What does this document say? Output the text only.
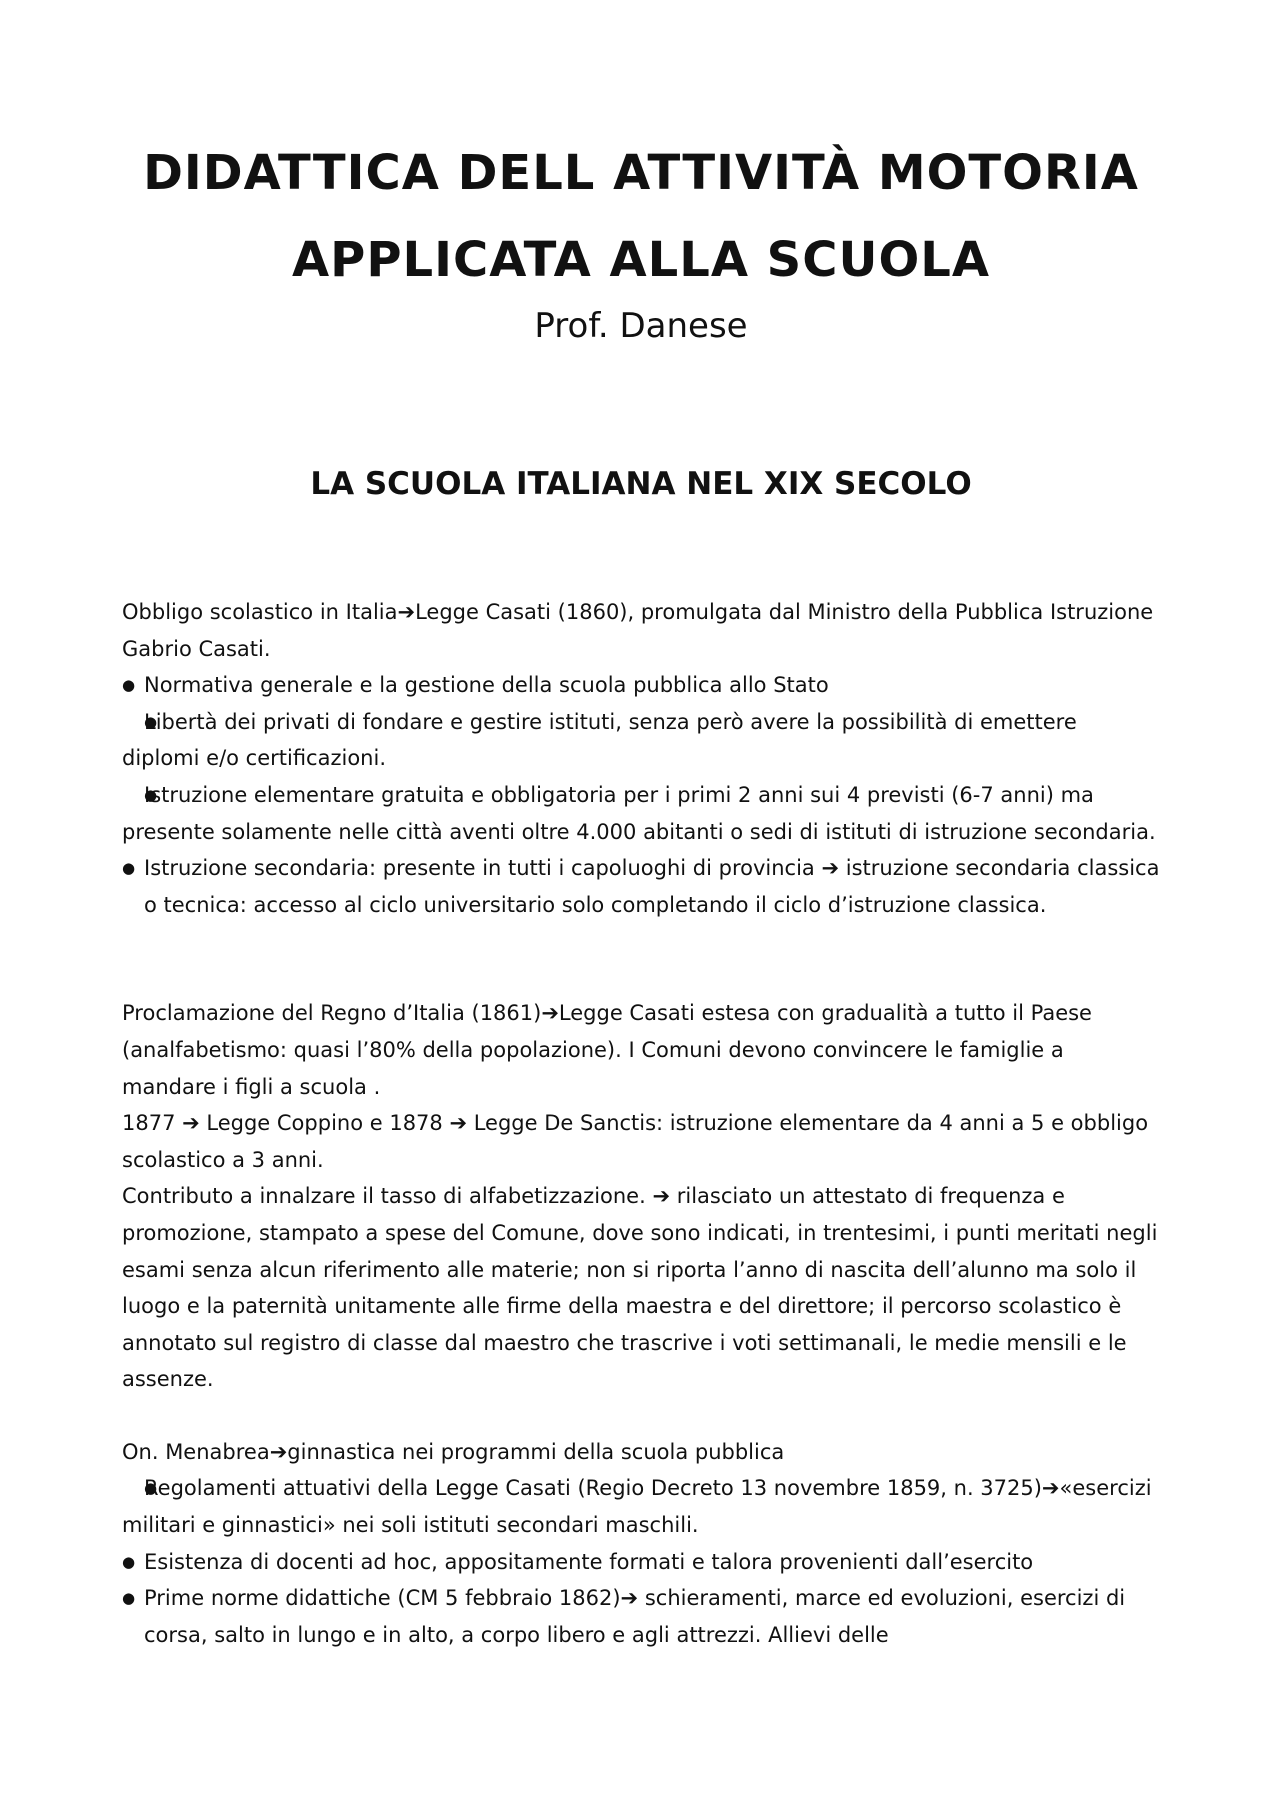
DIDATTICA DELL ATTIVITÀ MOTORIA
APPLICATA ALLA SCUOLA

Prof. Danese

LA SCUOLA ITALIANA NEL XIX SECOLO

Obbligo scolastico in Italia➔Legge Casati (1860), promulgata dal Ministro della Pubblica Istruzione Gabrio Casati.

● Normativa generale e la gestione della scuola pubblica allo Stato
● Libertà dei privati di fondare e gestire istituti, senza però avere la possibilità di emettere diplomi e/o certificazioni.
● Istruzione elementare gratuita e obbligatoria per i primi 2 anni sui 4 previsti (6-7 anni) ma presente solamente nelle città aventi oltre 4.000 abitanti o sedi di istituti di istruzione secondaria.
● Istruzione secondaria: presente in tutti i capoluoghi di provincia ➔ istruzione secondaria classica o tecnica: accesso al ciclo universitario solo completando il ciclo d’istruzione classica.

Proclamazione del Regno d’Italia (1861)➔Legge Casati estesa con gradualità a tutto il Paese (analfabetismo: quasi l’80% della popolazione). I Comuni devono convincere le famiglie a mandare i figli a scuola .

1877 ➔ Legge Coppino e 1878 ➔ Legge De Sanctis: istruzione elementare da 4 anni a 5 e obbligo scolastico a 3 anni.

Contributo a innalzare il tasso di alfabetizzazione. ➔ rilasciato un attestato di frequenza e promozione, stampato a spese del Comune, dove sono indicati, in trentesimi, i punti meritati negli esami senza alcun riferimento alle materie; non si riporta l’anno di nascita dell’alunno ma solo il luogo e la paternità unitamente alle firme della maestra e del direttore; il percorso scolastico è annotato sul registro di classe dal maestro che trascrive i voti settimanali, le medie mensili e le assenze.

On. Menabrea➔ginnastica nei programmi della scuola pubblica

● Regolamenti attuativi della Legge Casati (Regio Decreto 13 novembre 1859, n. 3725)➔«esercizi militari e ginnastici» nei soli istituti secondari maschili.
● Esistenza di docenti ad hoc, appositamente formati e talora provenienti dall’esercito
● Prime norme didattiche (CM 5 febbraio 1862)➔ schieramenti, marce ed evoluzioni, esercizi di corsa, salto in lungo e in alto, a corpo libero e agli attrezzi. Allievi delle
